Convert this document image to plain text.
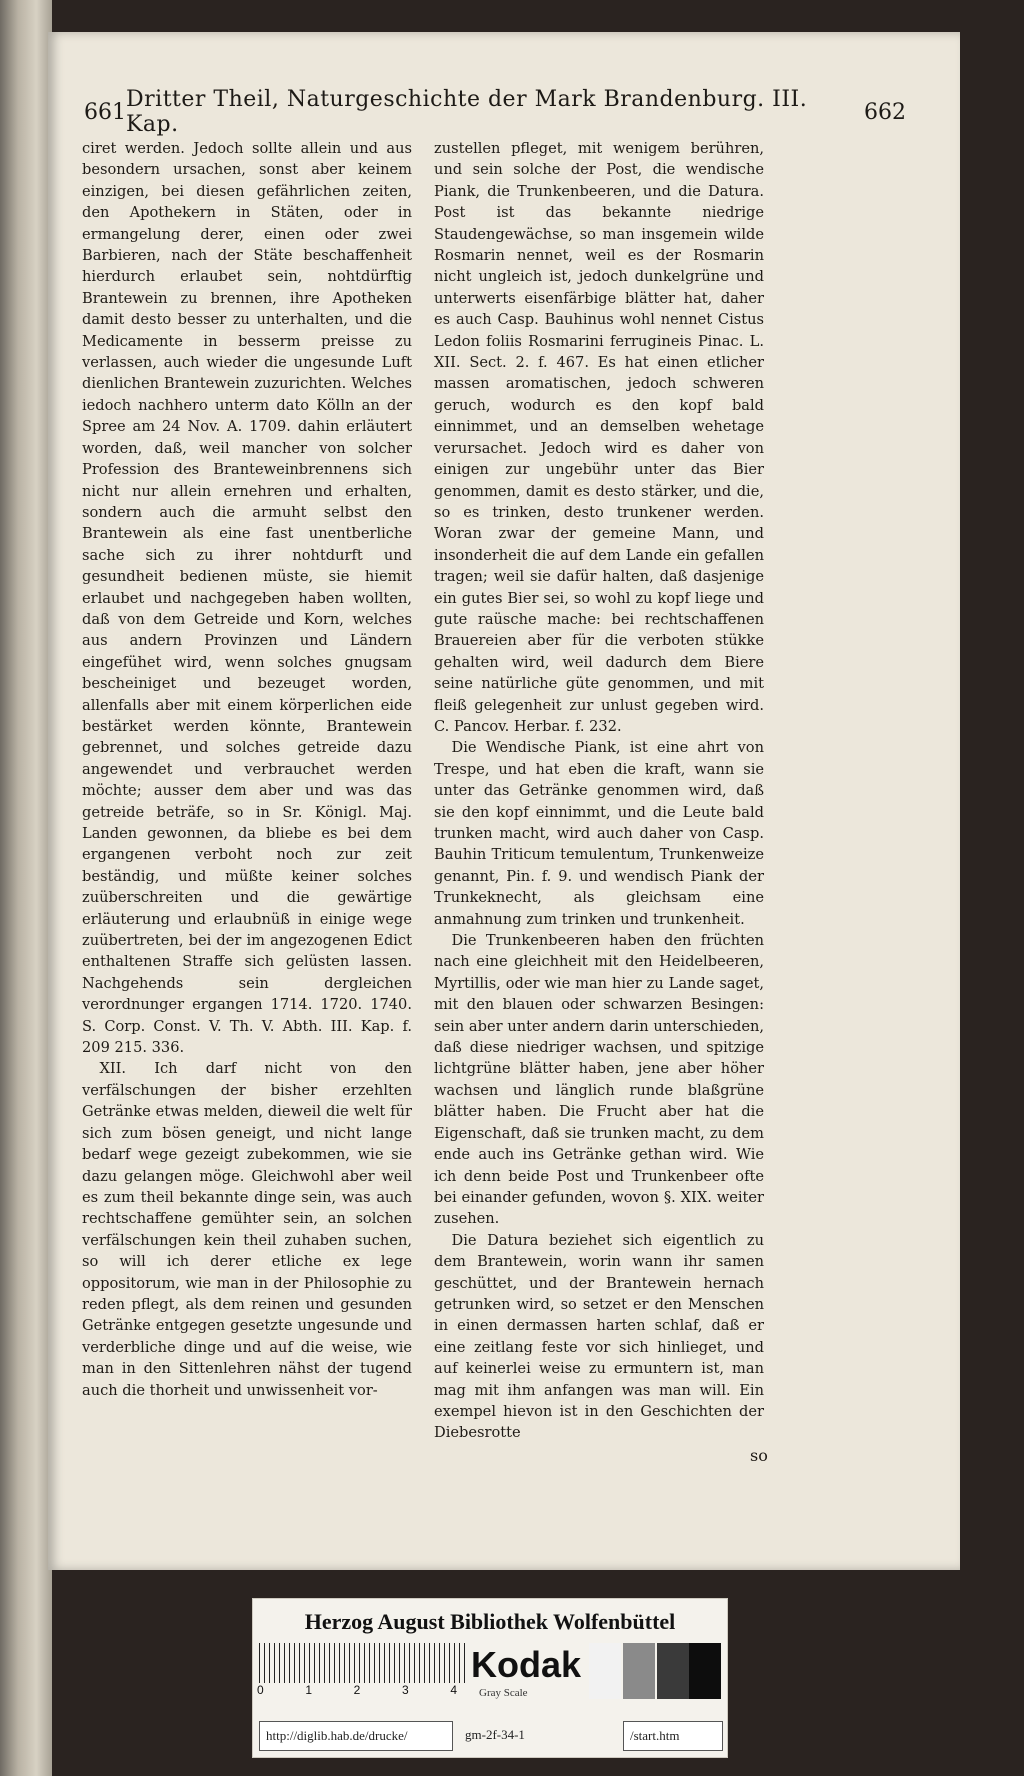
661 Dritter Theil, Naturgeschichte der Mark Brandenburg. III. Kap.	662

ciret werden. Jedoch sollte allein und aus besondern ursachen, sonst aber keinem einzigen, bei diesen gefährlichen zeiten, den Apothekern in Stäten, oder in ermangelung derer, einen oder zwei Barbieren, nach der Stäte beschaffenheit hierdurch erlaubet sein, nohtdürftig Brantewein zu brennen, ihre Apotheken damit desto besser zu unterhalten, und die Medicamente in besserm preisse zu verlassen, auch wieder die ungesunde Luft dienlichen Brantewein zuzurichten. Welches iedoch nachhero unterm dato Kölln an der Spree am 24 Nov. A. 1709. dahin erläutert worden, daß, weil mancher von solcher Profession des Branteweinbrennens sich nicht nur allein ernehren und erhalten, sondern auch die armuht selbst den Brantewein als eine fast unentberliche sache sich zu ihrer nohtdurft und gesundheit bedienen müste, sie hiemit erlaubet und nachgegeben haben wollten, daß von dem Getreide und Korn, welches aus andern Provinzen und Ländern eingefühet wird, wenn solches gnugsam bescheiniget und bezeuget worden, allenfalls aber mit einem körperlichen eide bestärket werden könnte, Brantewein gebrennet, und solches getreide dazu angewendet und verbrauchet werden möchte; ausser dem aber und was das getreide beträfe, so in Sr. Königl. Maj. Landen gewonnen, da bliebe es bei dem ergangenen verboht noch zur zeit beständig, und müßte keiner solches zuüberschreiten und die gewärtige erläuterung und erlaubnüß in einige wege zuübertreten, bei der im angezogenen Edict enthaltenen Straffe sich gelüsten lassen. Nachgehends sein dergleichen verordnunger ergangen 1714. 1720. 1740. S. Corp. Const. V. Th. V. Abth. III. Kap. f. 209 215. 336.

XII. Ich darf nicht von den verfälschungen der bisher erzehlten Getränke etwas melden, dieweil die welt für sich zum bösen geneigt, und nicht lange bedarf wege gezeigt zubekommen, wie sie dazu gelangen möge. Gleichwohl aber weil es zum theil bekannte dinge sein, was auch rechtschaffene gemühter sein, an solchen verfälschungen kein theil zuhaben suchen, so will ich derer etliche ex lege oppositorum, wie man in der Philosophie zu reden pflegt, als dem reinen und gesunden Getränke entgegen gesetzte ungesunde und verderbliche dinge und auf die weise, wie man in den Sittenlehren nähst der tugend auch die thorheit und unwissenheit vor-

zustellen pfleget, mit wenigem berühren, und sein solche der Post, die wendische Piank, die Trunkenbeeren, und die Datura. Post ist das bekannte niedrige Staudengewächse, so man insgemein wilde Rosmarin nennet, weil es der Rosmarin nicht ungleich ist, jedoch dunkelgrüne und unterwerts eisenfärbige blätter hat, daher es auch Casp. Bauhinus wohl nennet Cistus Ledon foliis Rosmarini ferrugineis Pinac. L. XII. Sect. 2. f. 467. Es hat einen etlicher massen aromatischen, jedoch schweren geruch, wodurch es den kopf bald einnimmet, und an demselben wehetage verursachet. Jedoch wird es daher von einigen zur ungebühr unter das Bier genommen, damit es desto stärker, und die, so es trinken, desto trunkener werden. Woran zwar der gemeine Mann, und insonderheit die auf dem Lande ein gefallen tragen; weil sie dafür halten, daß dasjenige ein gutes Bier sei, so wohl zu kopf liege und gute raüsche mache: bei rechtschaffenen Brauereien aber für die verboten stükke gehalten wird, weil dadurch dem Biere seine natürliche güte genommen, und mit fleiß gelegenheit zur unlust gegeben wird. C. Pancov. Herbar. f. 232.

Die Wendische Piank, ist eine ahrt von Trespe, und hat eben die kraft, wann sie unter das Getränke genommen wird, daß sie den kopf einnimmt, und die Leute bald trunken macht, wird auch daher von Casp. Bauhin Triticum temulentum, Trunkenweize genannt, Pin. f. 9. und wendisch Piank der Trunkeknecht, als gleichsam eine anmahnung zum trinken und trunkenheit.

Die Trunkenbeeren haben den früchten nach eine gleichheit mit den Heidelbeeren, Myrtillis, oder wie man hier zu Lande saget, mit den blauen oder schwarzen Besingen: sein aber unter andern darin unterschieden, daß diese niedriger wachsen, und spitzige lichtgrüne blätter haben, jene aber höher wachsen und länglich runde blaßgrüne blätter haben. Die Frucht aber hat die Eigenschaft, daß sie trunken macht, zu dem ende auch ins Getränke gethan wird. Wie ich denn beide Post und Trunkenbeer ofte bei einander gefunden, wovon §. XIX. weiter zusehen.

Die Datura beziehet sich eigentlich zu dem Brantewein, worin wann ihr samen geschüttet, und der Brantewein hernach getrunken wird, so setzet er den Menschen in einen dermassen harten schlaf, daß er eine zeitlang feste vor sich hinlieget, und auf keinerlei weise zu ermuntern ist, man mag mit ihm anfangen was man will. Ein exempel hievon ist in den Geschichten der Diebesrotte

so
Herzog August Bibliothek Wolfenbüttel
0	1	2	3	4
Kodak
Gray Scale
http://diglib.hab.de/drucke/	gm-2f-34-1	/start.htm
